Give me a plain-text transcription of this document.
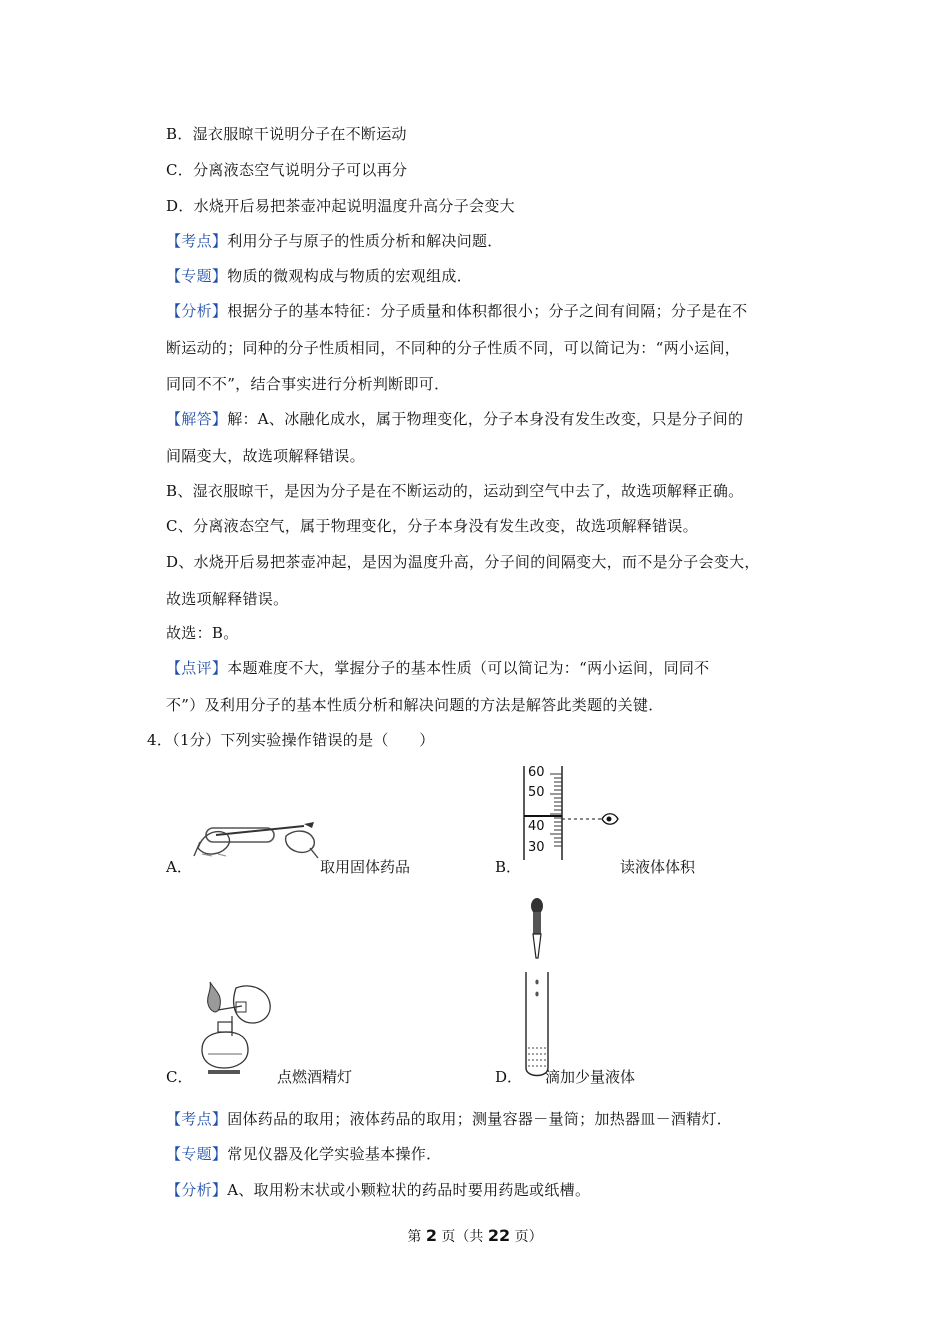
B．湿衣服晾干说明分子在不断运动
C．分离液态空气说明分子可以再分
D．水烧开后易把茶壶冲起说明温度升高分子会变大
【考点】利用分子与原子的性质分析和解决问题．
【专题】物质的微观构成与物质的宏观组成．
【分析】根据分子的基本特征：分子质量和体积都很小；分子之间有间隔；分子是在不
断运动的；同种的分子性质相同，不同种的分子性质不同，可以简记为：“两小运间，
同同不不”，结合事实进行分析判断即可．
【解答】解：A、冰融化成水，属于物理变化，分子本身没有发生改变，只是分子间的
间隔变大，故选项解释错误。
B、湿衣服晾干，是因为分子是在不断运动的，运动到空气中去了，故选项解释正确。
C、分离液态空气，属于物理变化，分子本身没有发生改变，故选项解释错误。
D、水烧开后易把茶壶冲起，是因为温度升高，分子间的间隔变大，而不是分子会变大，
故选项解释错误。
故选：B。
【点评】本题难度不大，掌握分子的基本性质（可以简记为：“两小运间，同同不
不”）及利用分子的基本性质分析和解决问题的方法是解答此类题的关键．
4．（1分）下列实验操作错误的是（　　）
A．	取用固体药品
60
50
40
30
B．	读液体体积
C．	点燃酒精灯	D． 滴加少量液体
【考点】固体药品的取用；液体药品的取用；测量容器－量筒；加热器皿－酒精灯．
【专题】常见仪器及化学实验基本操作．
【分析】A、取用粉末状或小颗粒状的药品时要用药匙或纸槽。
第 2 页（共 22 页）
